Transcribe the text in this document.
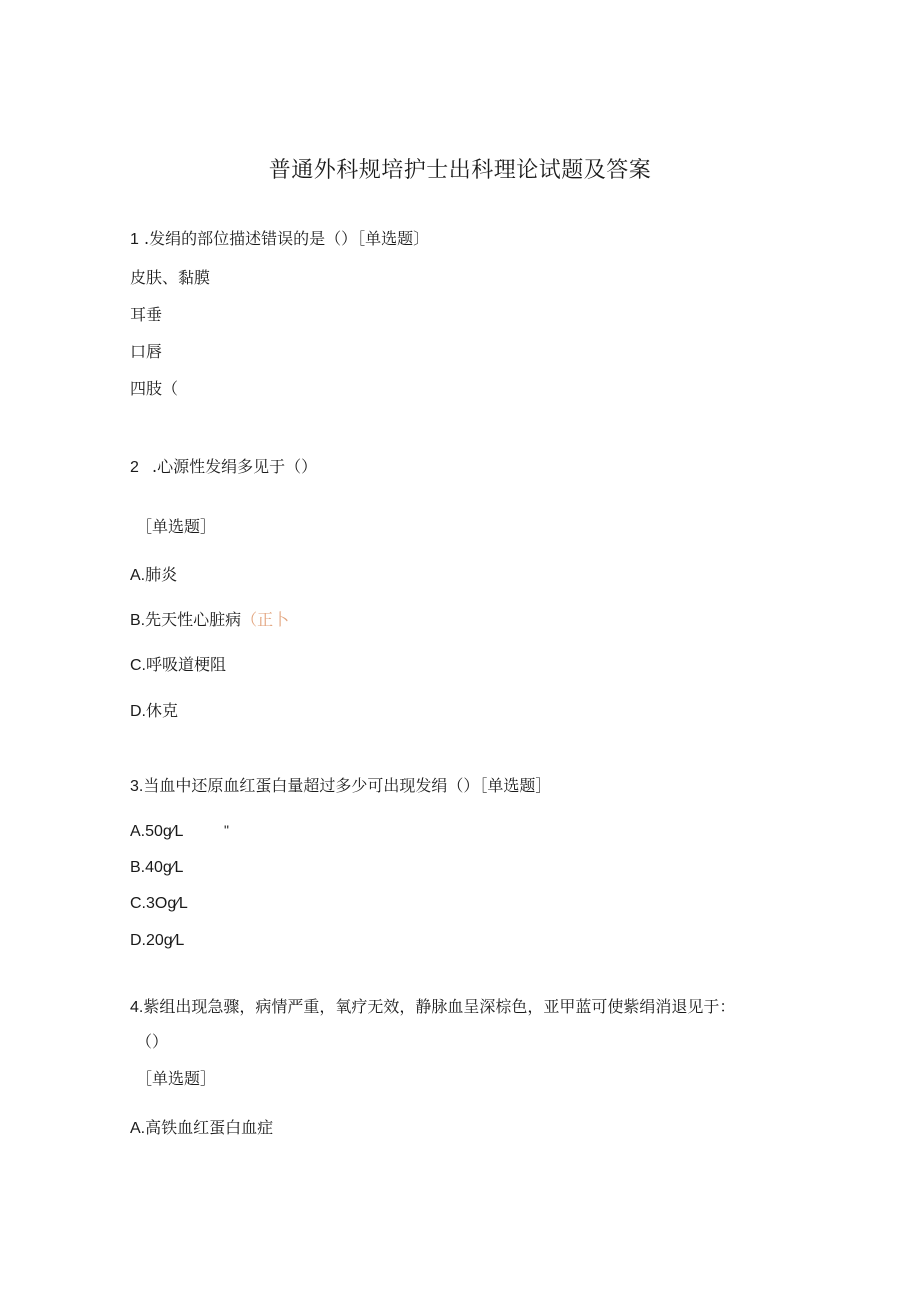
普通外科规培护士出科理论试题及答案
1 .发绢的部位描述错误的是（）［单选题〕
皮肤、黏膜
耳垂
口唇
四肢（
2 .心源性发绢多见于（）
［单选题］
A.肺炎
B.先天性心脏病（正卜
C.呼吸道梗阻
D.休克
3.当血中还原血红蛋白量超过多少可出现发绢（）［单选题］
A.50g∕L	"
B.40g∕L
C.3Og∕L
D.20g∕L
4.紫组出现急骤，病情严重，氧疗无效，静脉血呈深棕色，亚甲蓝可使紫绢消退见于：
（）
［单选题］
A.高铁血红蛋白血症
